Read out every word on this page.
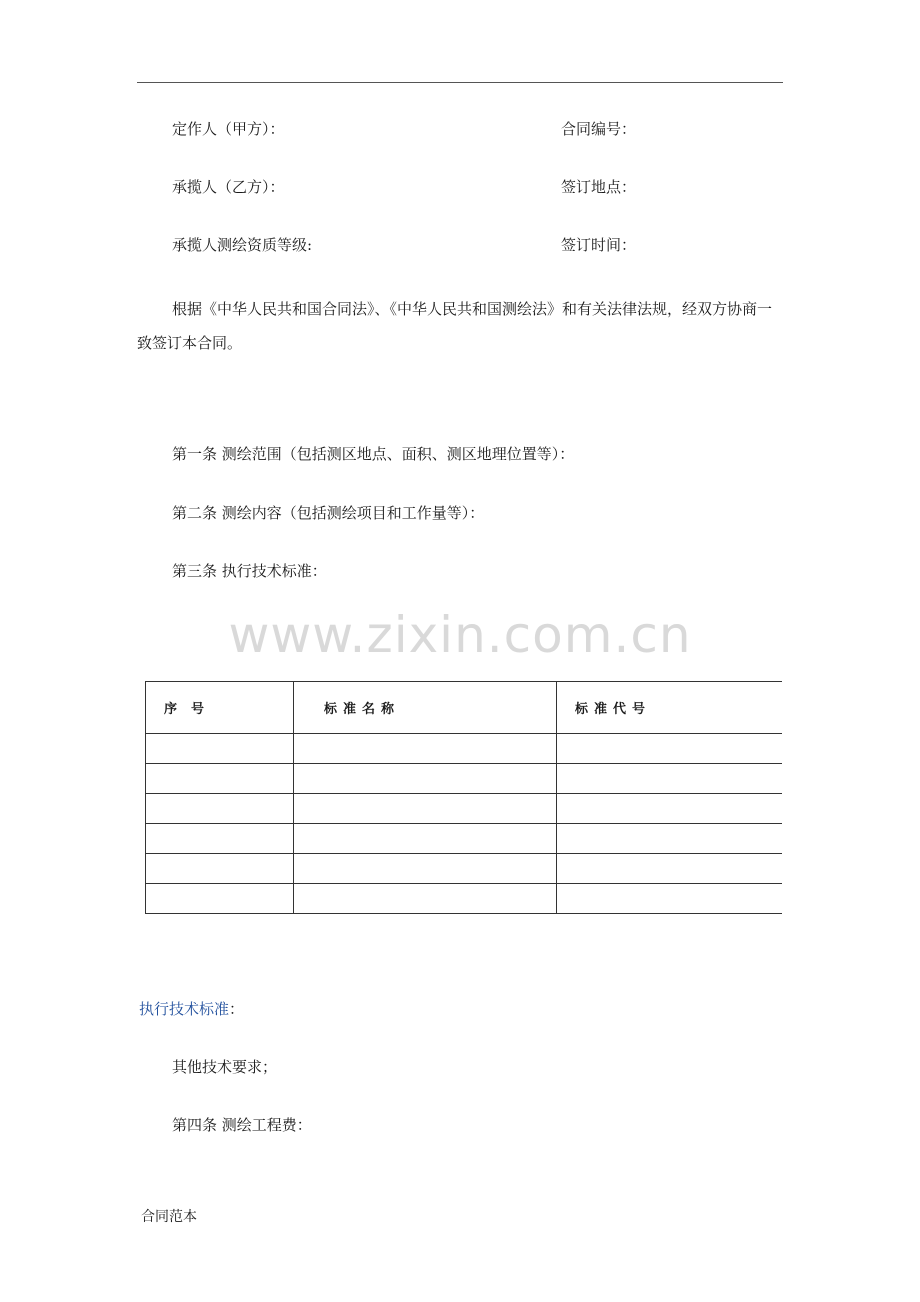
定作人（甲方）：	合同编号：
承揽人（乙方）：	签订地点：
承揽人测绘资质等级:	签订时间：
根据《中华人民共和国合同法》、《中华人民共和国测绘法》和有关法律法规，经双方协商一致签订本合同。
第一条 测绘范围（包括测区地点、面积、测区地理位置等）：
第二条 测绘内容（包括测绘项目和工作量等）：
第三条 执行技术标准：
www.zixin.com.cn
序号	标准名称	标准代号

执行技术标准：
其他技术要求；
第四条 测绘工程费：
合同范本
